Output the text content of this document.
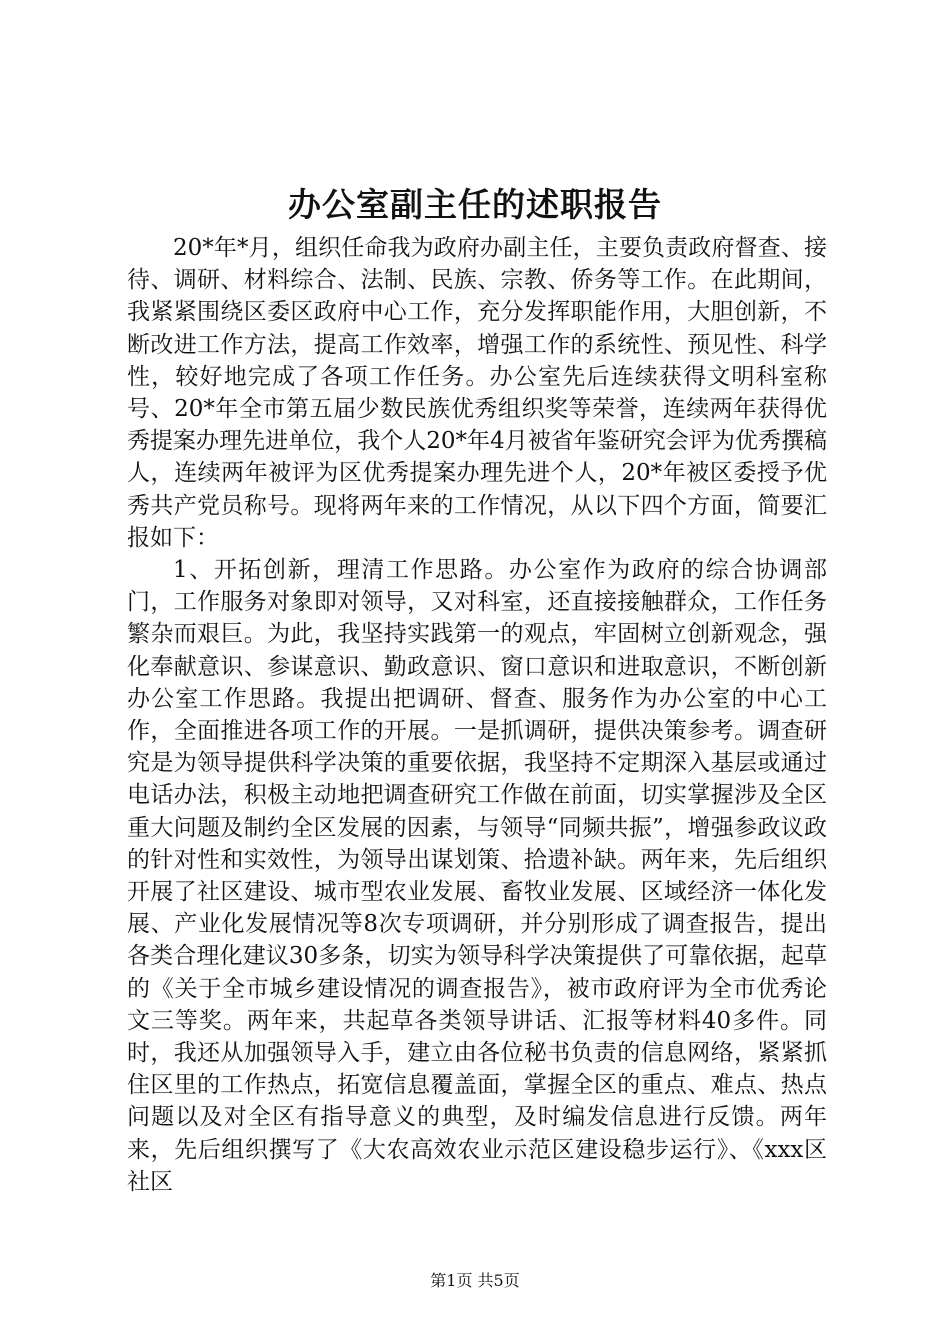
办公室副主任的述职报告

20*年*月，组织任命我为政府办副主任，主要负责政府督查、接待、调研、材料综合、法制、民族、宗教、侨务等工作。在此期间，我紧紧围绕区委区政府中心工作，充分发挥职能作用，大胆创新，不断改进工作方法，提高工作效率，增强工作的系统性、预见性、科学性，较好地完成了各项工作任务。办公室先后连续获得文明科室称号、20*年全市第五届少数民族优秀组织奖等荣誉，连续两年获得优秀提案办理先进单位，我个人20*年4月被省年鉴研究会评为优秀撰稿人，连续两年被评为区优秀提案办理先进个人，20*年被区委授予优秀共产党员称号。现将两年来的工作情况，从以下四个方面，简要汇报如下：

1、开拓创新，理清工作思路。办公室作为政府的综合协调部门，工作服务对象即对领导，又对科室，还直接接触群众，工作任务繁杂而艰巨。为此，我坚持实践第一的观点，牢固树立创新观念，强化奉献意识、参谋意识、勤政意识、窗口意识和进取意识，不断创新办公室工作思路。我提出把调研、督查、服务作为办公室的中心工作，全面推进各项工作的开展。一是抓调研，提供决策参考。调查研究是为领导提供科学决策的重要依据，我坚持不定期深入基层或通过电话办法，积极主动地把调查研究工作做在前面，切实掌握涉及全区重大问题及制约全区发展的因素，与领导“同频共振”，增强参政议政的针对性和实效性，为领导出谋划策、拾遗补缺。两年来，先后组织开展了社区建设、城市型农业发展、畜牧业发展、区域经济一体化发展、产业化发展情况等8次专项调研，并分别形成了调查报告，提出各类合理化建议30多条，切实为领导科学决策提供了可靠依据，起草的《关于全市城乡建设情况的调查报告》，被市政府评为全市优秀论文三等奖。两年来，共起草各类领导讲话、汇报等材料40多件。同时，我还从加强领导入手，建立由各位秘书负责的信息网络，紧紧抓住区里的工作热点，拓宽信息覆盖面，掌握全区的重点、难点、热点问题以及对全区有指导意义的典型，及时编发信息进行反馈。两年来，先后组织撰写了《大农高效农业示范区建设稳步运行》、《xxx区社区

第1页 共5页
